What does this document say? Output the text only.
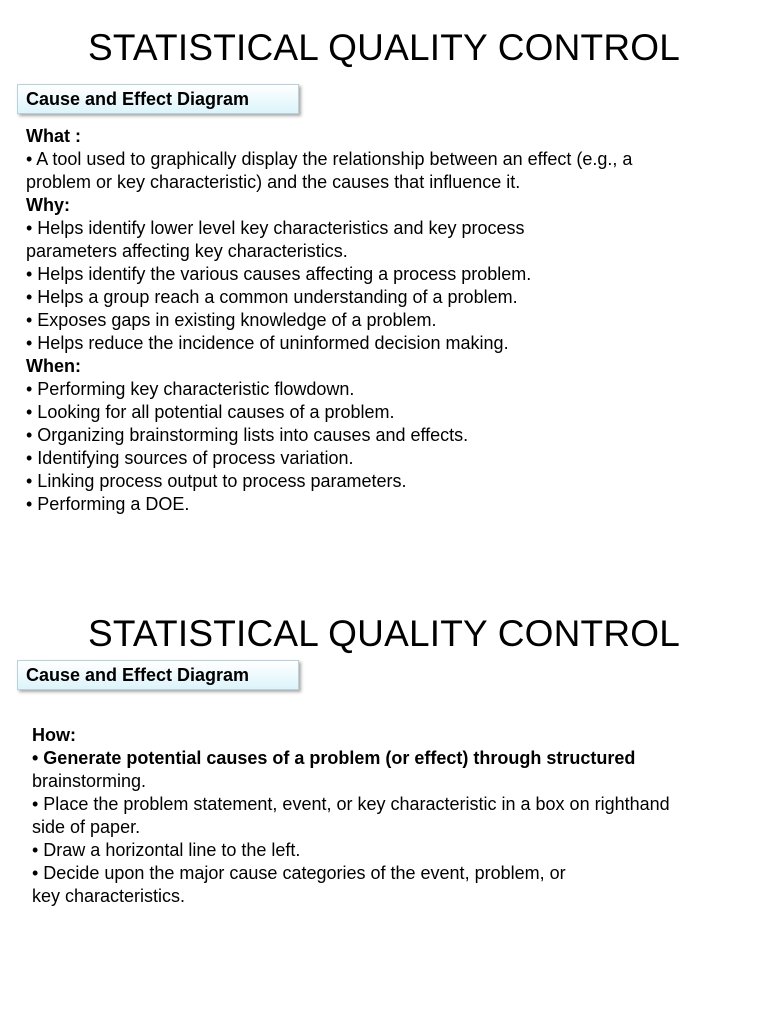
STATISTICAL QUALITY CONTROL
Cause and Effect Diagram
What :
• A tool used to graphically display the relationship between an effect (e.g., a
problem or key characteristic) and the causes that influence it.
Why:
• Helps identify lower level key characteristics and key process
parameters affecting key characteristics.
• Helps identify the various causes affecting a process problem.
• Helps a group reach a common understanding of a problem.
• Exposes gaps in existing knowledge of a problem.
• Helps reduce the incidence of uninformed decision making.
When:
• Performing key characteristic flowdown.
• Looking for all potential causes of a problem.
• Organizing brainstorming lists into causes and effects.
• Identifying sources of process variation.
• Linking process output to process parameters.
• Performing a DOE.
STATISTICAL QUALITY CONTROL
Cause and Effect Diagram
How:
• Generate potential causes of a problem (or effect) through structured
brainstorming.
• Place the problem statement, event, or key characteristic in a box on righthand
side of paper.
• Draw a horizontal line to the left.
• Decide upon the major cause categories of the event, problem, or
key characteristics.
